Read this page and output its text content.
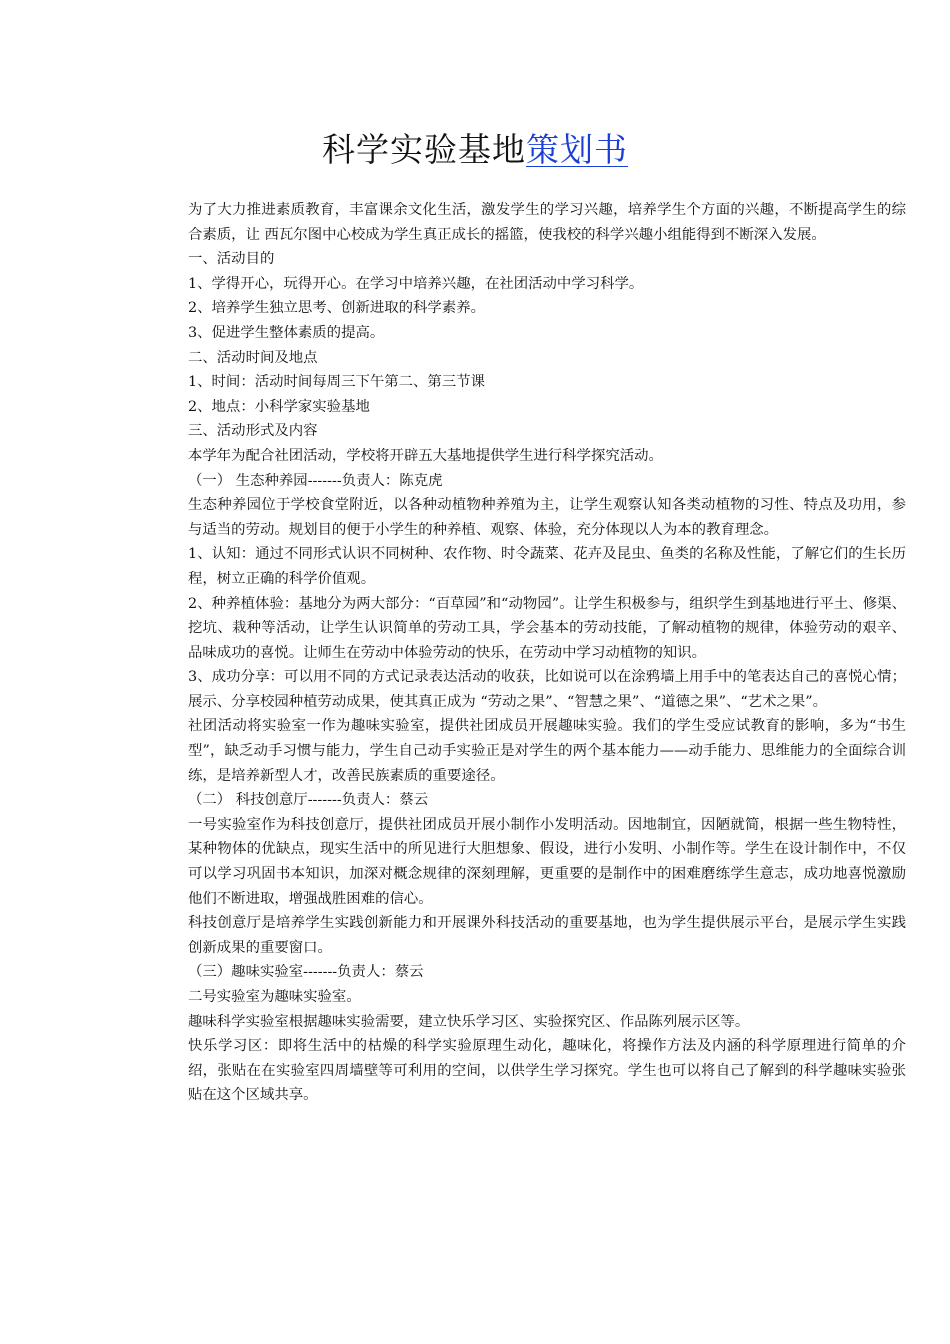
科学实验基地策划书

为了大力推进素质教育，丰富课余文化生活，激发学生的学习兴趣，培养学生个方面的兴趣，不断提高学生的综合素质，让 西瓦尔图中心校成为学生真正成长的摇篮，使我校的科学兴趣小组能得到不断深入发展。

一、活动目的

1、学得开心，玩得开心。在学习中培养兴趣，在社团活动中学习科学。

2、培养学生独立思考、创新进取的科学素养。

3、促进学生整体素质的提高。

二、活动时间及地点

1、时间：活动时间每周三下午第二、第三节课

2、地点：小科学家实验基地

三、活动形式及内容

本学年为配合社团活动，学校将开辟五大基地提供学生进行科学探究活动。

（一） 生态种养园-------负责人：陈克虎

生态种养园位于学校食堂附近，以各种动植物种养殖为主，让学生观察认知各类动植物的习性、特点及功用，参与适当的劳动。规划目的便于小学生的种养植、观察、体验，充分体现以人为本的教育理念。

1、认知：通过不同形式认识不同树种、农作物、时令蔬菜、花卉及昆虫、鱼类的名称及性能，了解它们的生长历程，树立正确的科学价值观。

2、种养植体验：基地分为两大部分：“百草园”和“动物园”。让学生积极参与，组织学生到基地进行平土、修渠、挖坑、栽种等活动，让学生认识简单的劳动工具，学会基本的劳动技能，了解动植物的规律，体验劳动的艰辛、品味成功的喜悦。让师生在劳动中体验劳动的快乐，在劳动中学习动植物的知识。

3、成功分享：可以用不同的方式记录表达活动的收获，比如说可以在涂鸦墙上用手中的笔表达自己的喜悦心情；展示、分享校园种植劳动成果，使其真正成为 “劳动之果”、“智慧之果”、“道德之果”、“艺术之果”。

社团活动将实验室一作为趣味实验室，提供社团成员开展趣味实验。我们的学生受应试教育的影响，多为“书生型”，缺乏动手习惯与能力，学生自己动手实验正是对学生的两个基本能力——动手能力、思维能力的全面综合训练，是培养新型人才，改善民族素质的重要途径。

（二） 科技创意厅-------负责人：蔡云

一号实验室作为科技创意厅，提供社团成员开展小制作小发明活动。因地制宜，因陋就简，根据一些生物特性，某种物体的优缺点，现实生活中的所见进行大胆想象、假设，进行小发明、小制作等。学生在设计制作中，不仅可以学习巩固书本知识，加深对概念规律的深刻理解，更重要的是制作中的困难磨练学生意志，成功地喜悦激励他们不断进取，增强战胜困难的信心。

科技创意厅是培养学生实践创新能力和开展课外科技活动的重要基地，也为学生提供展示平台，是展示学生实践创新成果的重要窗口。

（三）趣味实验室-------负责人：蔡云

二号实验室为趣味实验室。

趣味科学实验室根据趣味实验需要，建立快乐学习区、实验探究区、作品陈列展示区等。

快乐学习区：即将生活中的枯燥的科学实验原理生动化，趣味化，将操作方法及内涵的科学原理进行简单的介绍，张贴在在实验室四周墙壁等可利用的空间，以供学生学习探究。学生也可以将自己了解到的科学趣味实验张贴在这个区域共享。
